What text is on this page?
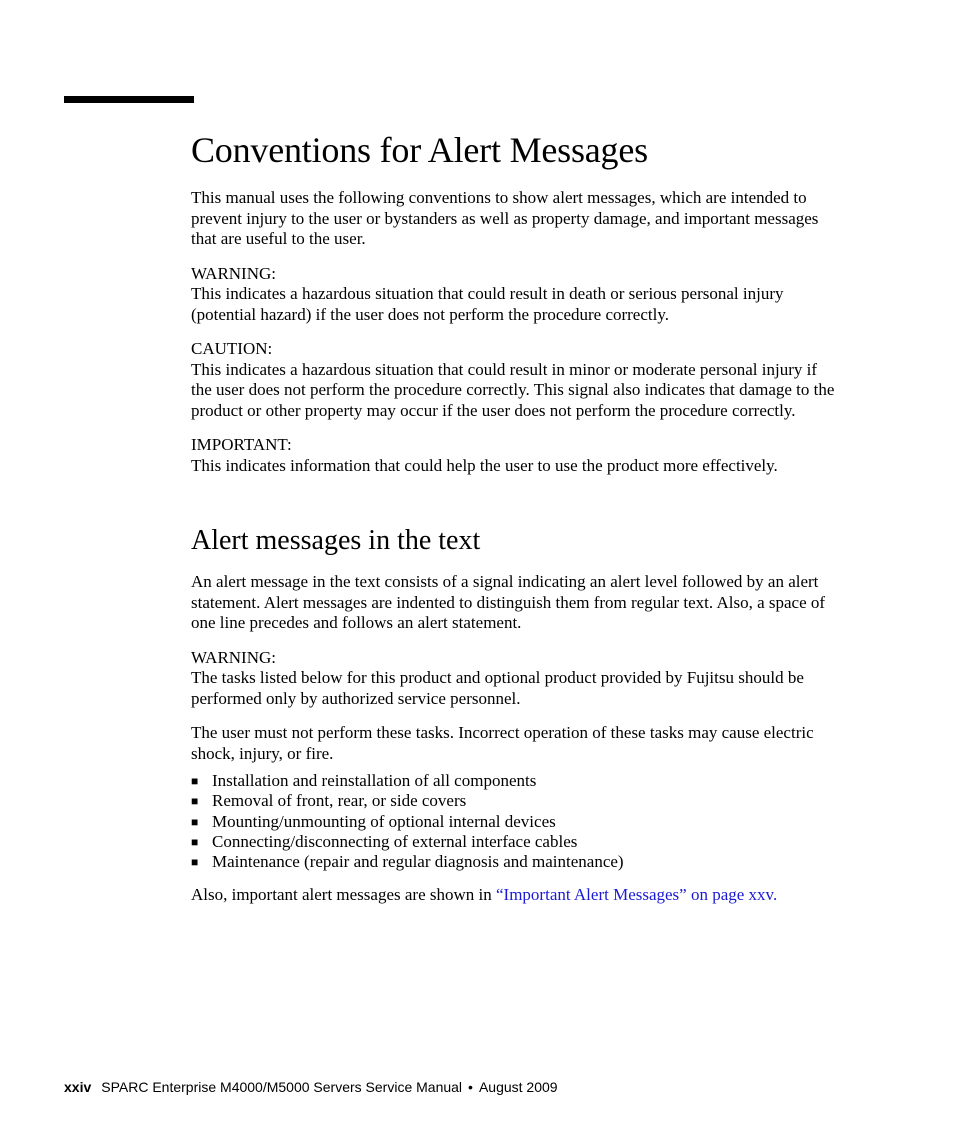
Conventions for Alert Messages

This manual uses the following conventions to show alert messages, which are intended to prevent injury to the user or bystanders as well as property damage, and important messages that are useful to the user.

WARNING:
This indicates a hazardous situation that could result in death or serious personal injury (potential hazard) if the user does not perform the procedure correctly.
CAUTION:
This indicates a hazardous situation that could result in minor or moderate personal injury if the user does not perform the procedure correctly. This signal also indicates that damage to the product or other property may occur if the user does not perform the procedure correctly.
IMPORTANT:
This indicates information that could help the user to use the product more effectively.
Alert messages in the text

An alert message in the text consists of a signal indicating an alert level followed by an alert statement. Alert messages are indented to distinguish them from regular text. Also, a space of one line precedes and follows an alert statement.

WARNING:
The tasks listed below for this product and optional product provided by Fujitsu should be performed only by authorized service personnel.

The user must not perform these tasks. Incorrect operation of these tasks may cause electric shock, injury, or fire.

■ Installation and reinstallation of all components
■ Removal of front, rear, or side covers
■ Mounting/unmounting of optional internal devices
■ Connecting/disconnecting of external interface cables
■ Maintenance (repair and regular diagnosis and maintenance)

Also, important alert messages are shown in “Important Alert Messages” on page xxv.

xxiv SPARC Enterprise M4000/M5000 Servers Service Manual • August 2009
